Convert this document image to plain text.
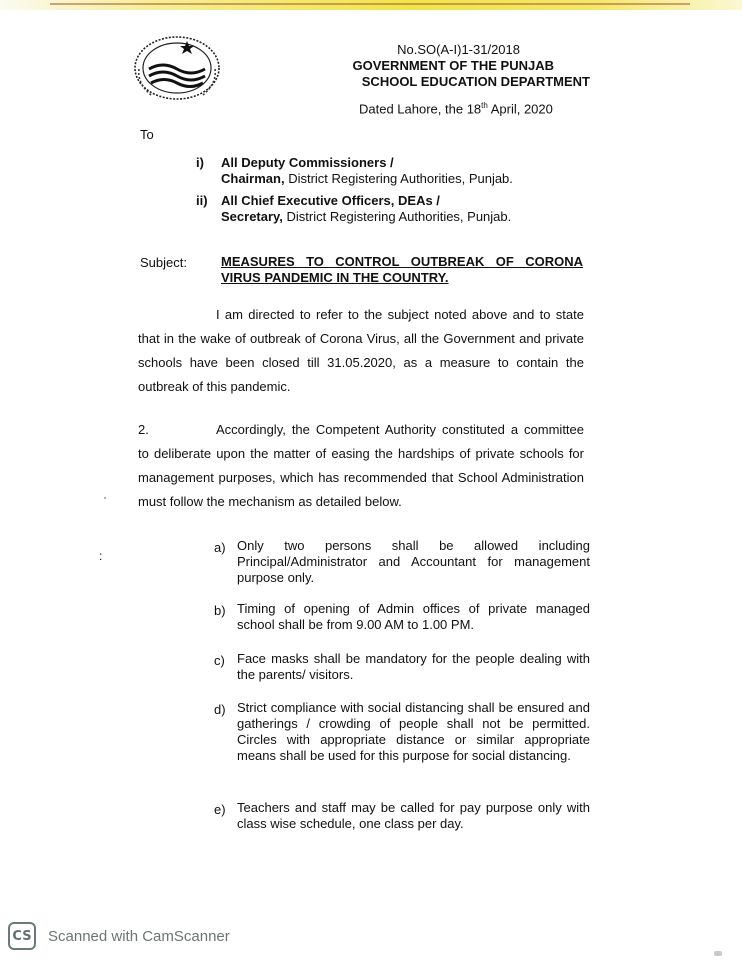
No.SO(A-I)1-31/2018
GOVERNMENT OF THE PUNJAB
SCHOOL EDUCATION DEPARTMENT
Dated Lahore, the 18th April, 2020
To
i) All Deputy Commissioners /
Chairman, District Registering Authorities, Punjab.
ii) All Chief Executive Officers, DEAs /
Secretary, District Registering Authorities, Punjab.
Subject:	MEASURES TO CONTROL OUTBREAK OF CORONA VIRUS PANDEMIC IN THE COUNTRY.
I am directed to refer to the subject noted above and to state that in the wake of outbreak of Corona Virus, all the Government and private schools have been closed till 31.05.2020, as a measure to contain the outbreak of this pandemic.
2.	Accordingly, the Competent Authority constituted a committee to deliberate upon the matter of easing the hardships of private schools for management purposes, which has recommended that School Administration must follow the mechanism as detailed below.
:
a) Only two persons shall be allowed including Principal/Administrator and Accountant for management purpose only.
b) Timing of opening of Admin offices of private managed school shall be from 9.00 AM to 1.00 PM.
c) Face masks shall be mandatory for the people dealing with the parents/ visitors.
d) Strict compliance with social distancing shall be ensured and gatherings / crowding of people shall not be permitted. Circles with appropriate distance or similar appropriate means shall be used for this purpose for social distancing.
e) Teachers and staff may be called for pay purpose only with class wise schedule, one class per day.
CS Scanned with CamScanner
